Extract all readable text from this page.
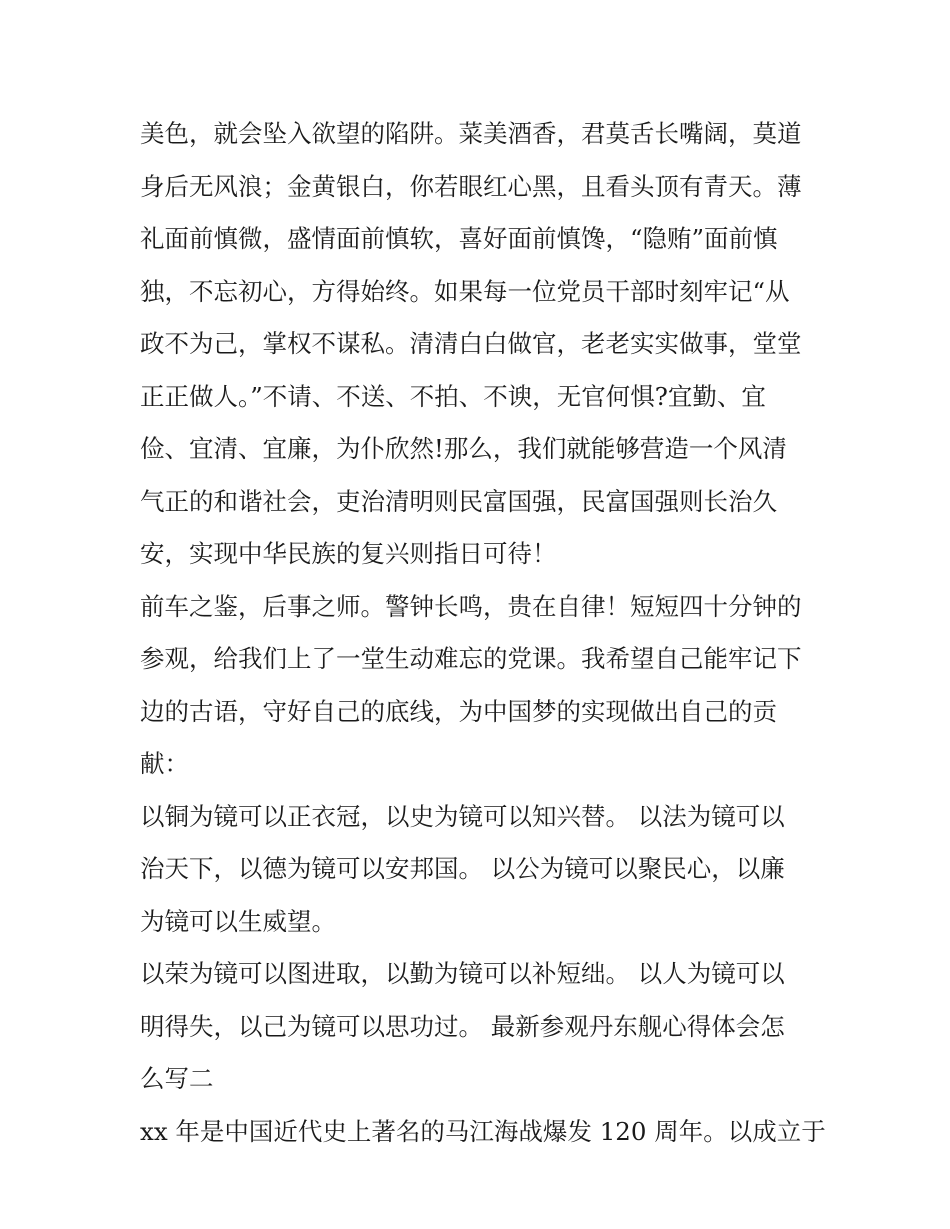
美色，就会坠入欲望的陷阱。菜美酒香，君莫舌长嘴阔，莫道
身后无风浪；金黄银白，你若眼红心黑，且看头顶有青天。薄
礼面前慎微，盛情面前慎软，喜好面前慎馋，“隐贿”面前慎
独，不忘初心，方得始终。如果每一位党员干部时刻牢记“从
政不为己，掌权不谋私。清清白白做官，老老实实做事，堂堂
正正做人。”不请、不送、不拍、不谀，无官何惧?宜勤、宜
俭、宜清、宜廉，为仆欣然!那么，我们就能够营造一个风清
气正的和谐社会，吏治清明则民富国强，民富国强则长治久
安，实现中华民族的复兴则指日可待！
前车之鉴，后事之师。警钟长鸣，贵在自律！短短四十分钟的
参观，给我们上了一堂生动难忘的党课。我希望自己能牢记下
边的古语，守好自己的底线，为中国梦的实现做出自己的贡
献：
以铜为镜可以正衣冠，以史为镜可以知兴替。 以法为镜可以
治天下，以德为镜可以安邦国。 以公为镜可以聚民心，以廉
为镜可以生威望。
以荣为镜可以图进取，以勤为镜可以补短绌。 以人为镜可以
明得失，以己为镜可以思功过。 最新参观丹东舰心得体会怎
么写二
xx 年是中国近代史上著名的马江海战爆发 120 周年。以成立于
